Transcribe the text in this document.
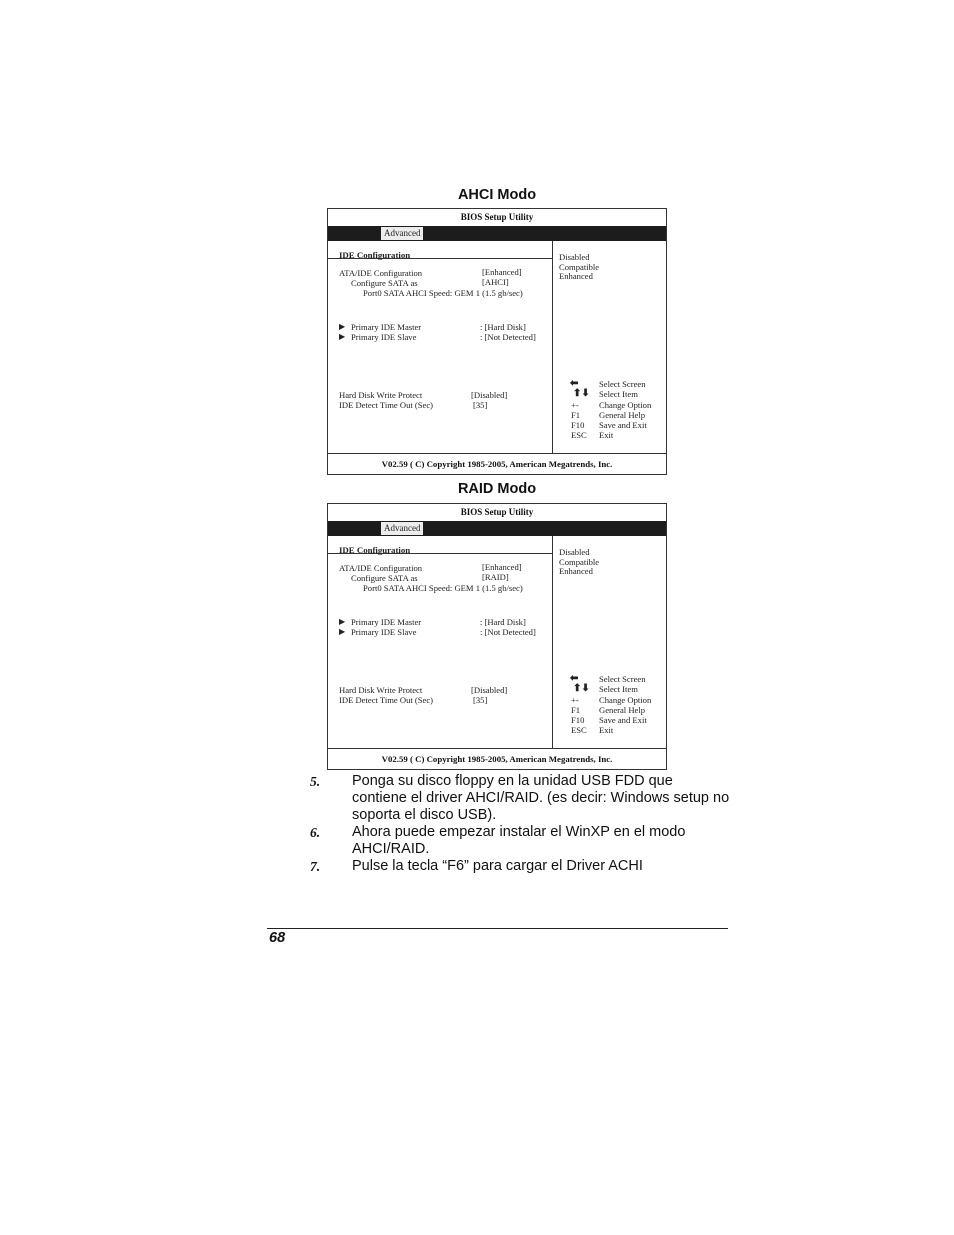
AHCI Modo
BIOS Setup Utility
Advanced
IDE Configuration
ATA/IDE Configuration	[Enhanced]
Configure SATA as	[AHCI]
Port0 SATA AHCI Speed: GEM 1 (1.5 gb/sec)
▶ Primary IDE Master	: [Hard Disk]
▶ Primary IDE Slave	: [Not Detected]
Hard Disk Write Protect	[Disabled]
IDE Detect Time Out (Sec)	[35]
Disabled
Compatible
Enhanced
⬅ Select Screen
⬆⬇ Select Item
+- Change Option
F1 General Help
F10 Save and Exit
ESC Exit
V02.59 ( C) Copyright 1985-2005, American Megatrends, Inc.
RAID Modo
BIOS Setup Utility
Advanced
IDE Configuration
ATA/IDE Configuration	[Enhanced]
Configure SATA as	[RAID]
Port0 SATA AHCI Speed: GEM 1 (1.5 gb/sec)
▶ Primary IDE Master	: [Hard Disk]
▶ Primary IDE Slave	: [Not Detected]
Hard Disk Write Protect	[Disabled]
IDE Detect Time Out (Sec)	[35]
Disabled
Compatible
Enhanced
⬅ Select Screen
⬆⬇ Select Item
+- Change Option
F1 General Help
F10 Save and Exit
ESC Exit
V02.59 ( C) Copyright 1985-2005, American Megatrends, Inc.
5. Ponga su disco floppy en la unidad USB FDD que contiene el driver AHCI/RAID. (es decir: Windows setup no soporta el disco USB).
6. Ahora puede empezar instalar el WinXP en el modo AHCI/RAID.
7. Pulse la tecla “F6” para cargar el Driver ACHI
68
